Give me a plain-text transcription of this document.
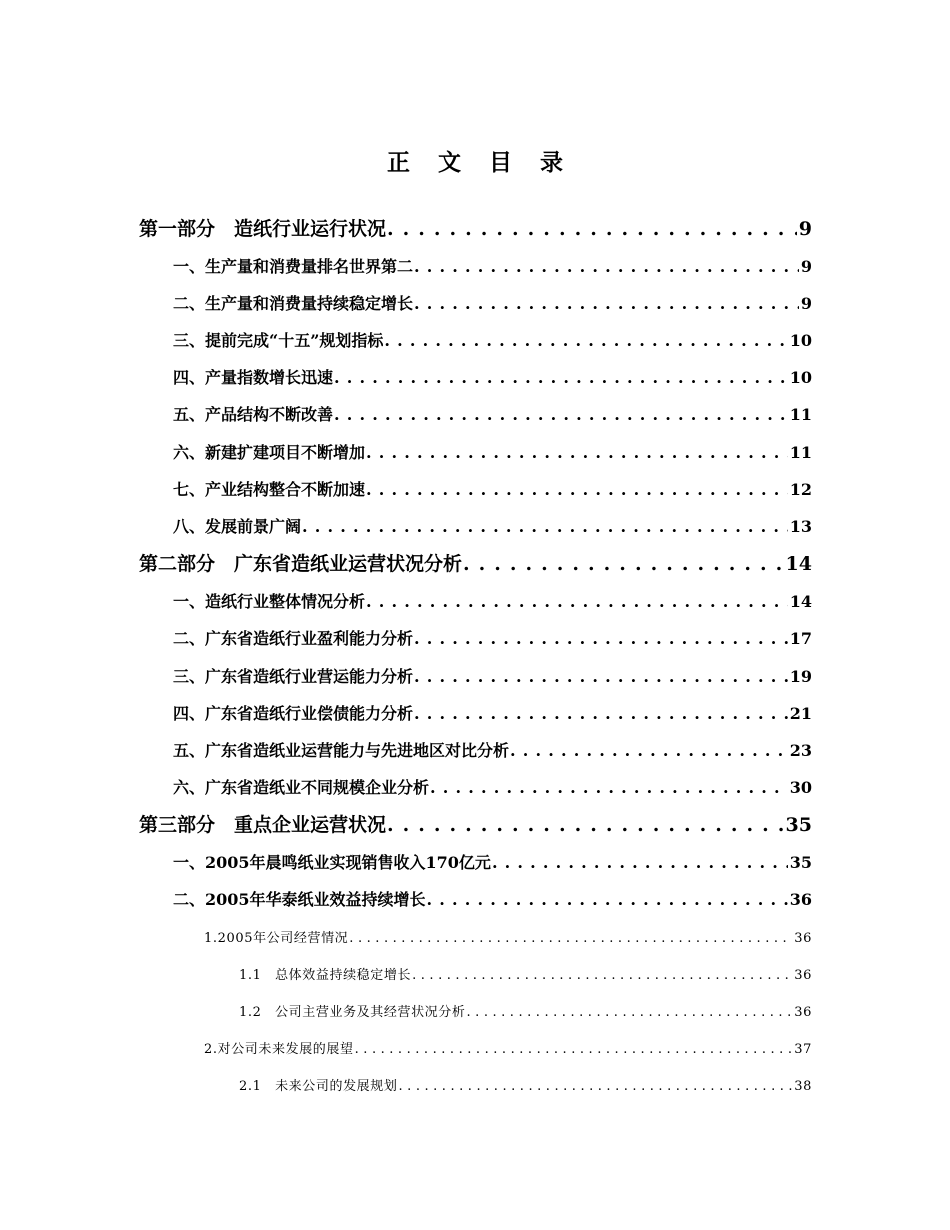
正文目录
第一部分　造纸行业运行状况 . . .	9
一、生产量和消费量排名世界第二 . . .	9
二、生产量和消费量持续稳定增长 . . .	9
三、提前完成“十五”规划指标 . . .	10
四、产量指数增长迅速 . . .	10
五、产品结构不断改善 . . .	11
六、新建扩建项目不断增加 . . .	11
七、产业结构整合不断加速 . . .	12
八、发展前景广阔 . . .	13
第二部分　广东省造纸业运营状况分析 . . .	14
一、造纸行业整体情况分析 . . .	14
二、广东省造纸行业盈利能力分析 . . .	17
三、广东省造纸行业营运能力分析 . . .	19
四、广东省造纸行业偿债能力分析 . . .	21
五、广东省造纸业运营能力与先进地区对比分析 . . .	23
六、广东省造纸业不同规模企业分析 . . .	30
第三部分　重点企业运营状况 . . .	35
一、2005年晨鸣纸业实现销售收入170亿元 . . .	35
二、2005年华泰纸业效益持续增长 . . .	36
1.2005年公司经营情况 . . .	36
1.1　总体效益持续稳定增长 . . .	36
1.2　公司主营业务及其经营状况分析 . . .	36
2.对公司未来发展的展望 . . .	37
2.1　未来公司的发展规划 . . .	38
